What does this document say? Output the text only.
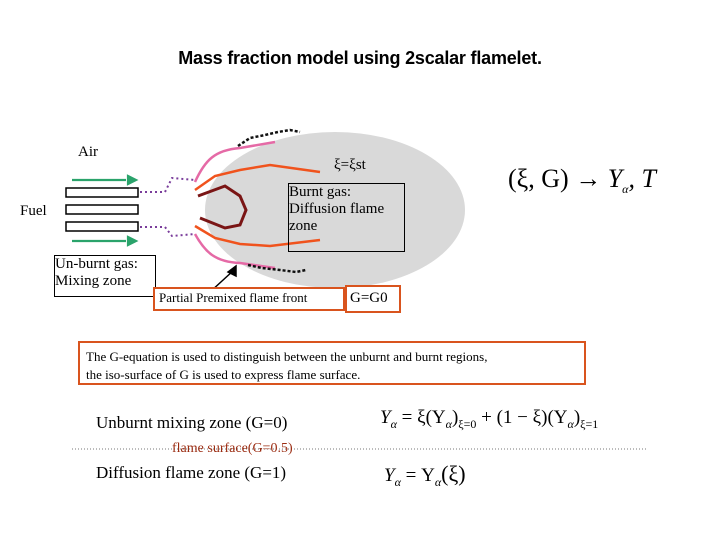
Mass fraction model using 2scalar flamelet.
Air
Fuel
ξ=ξst
Burnt gas:
Diffusion flame
zone
Un-burnt gas:
Mixing zone
Partial Premixed flame front	G=G0
(ξ, $G) \to Y_\alpha$, T
The G-equation is used to distinguish between the unburnt and burnt regions,
the iso-surface of G is used to express flame surface.
Unburnt mixing zone (G=0)
flame surface(G=0.5)
Diffusion flame zone (G=1)
$Y_\alpha = \xi(Y_\alpha)_{\xi=0} + (1 - \xi)(Y_\alpha)_{\xi=1}$
$Y_\alpha = Y_\alpha(\xi)$
